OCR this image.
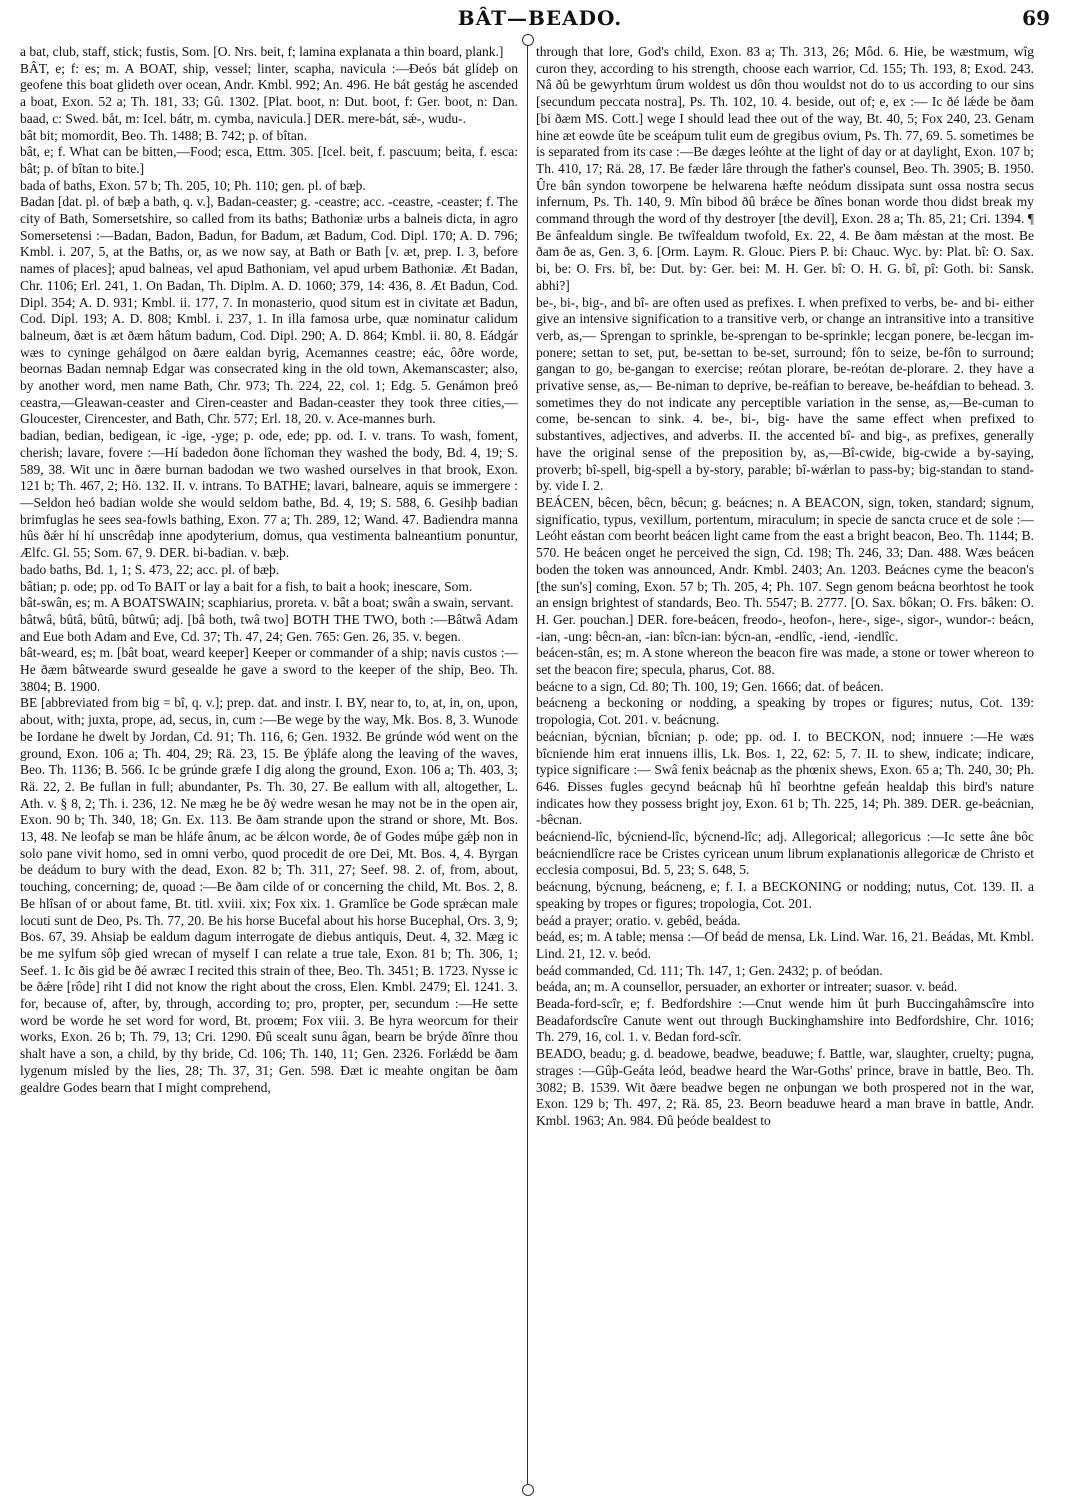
BÂT—BEADO.	69

a bat, club, staff, stick; fustis, Som. [O. Nrs. beit, f; lamina explanata a thin board, plank.]

BÂT, e; f: es; m. A BOAT, ship, vessel; linter, scapha, navicula :—Ðeós bát glídeþ on geofene this boat glideth over ocean, Andr. Kmbl. 992; An. 496. He bát gestág he ascended a boat, Exon. 52 a; Th. 181, 33; Gû. 1302. [Plat. boot, n: Dut. boot, f: Ger. boot, n: Dan. baad, c: Swed. båt, m: Icel. bátr, m. cymba, navicula.] DER. mere-bát, sǽ-, wudu-.

bât bit; momordit, Beo. Th. 1488; B. 742; p. of bîtan.

bât, e; f. What can be bitten,—Food; esca, Ettm. 305. [Icel. beit, f. pascuum; beita, f. esca: bât; p. of bîtan to bite.]

bada of baths, Exon. 57 b; Th. 205, 10; Ph. 110; gen. pl. of bæþ.

Badan [dat. pl. of bæþ a bath, q. v.], Badan-ceaster; g. -ceastre; acc. -ceastre, -ceaster; f. The city of Bath, Somersetshire, so called from its baths; Bathoniæ urbs a balneis dicta, in agro Somersetensi :—Badan, Badon, Badun, for Badum, æt Badum, Cod. Dipl. 170; A. D. 796; Kmbl. i. 207, 5, at the Baths, or, as we now say, at Bath or Bath [v. æt, prep. I. 3, before names of places]; apud balneas, vel apud Bathoniam, vel apud urbem Bathoniæ. Æt Badan, Chr. 1106; Erl. 241, 1. On Badan, Th. Diplm. A. D. 1060; 379, 14: 436, 8. Æt Badun, Cod. Dipl. 354; A. D. 931; Kmbl. ii. 177, 7. In monasterio, quod situm est in civitate æt Badun, Cod. Dipl. 193; A. D. 808; Kmbl. i. 237, 1. In illa famosa urbe, quæ nominatur calidum balneum, ðæt is æt ðæm hâtum badum, Cod. Dipl. 290; A. D. 864; Kmbl. ii. 80, 8. Eádgár wæs to cyninge gehálgod on ðære ealdan byrig, Acemannes ceastre; eác, ôðre worde, beornas Badan nemnaþ Edgar was consecrated king in the old town, Akemanscaster; also, by another word, men name Bath, Chr. 973; Th. 224, 22, col. 1; Edg. 5. Genámon þreó ceastra,—Gleawan-ceaster and Ciren-ceaster and Badan-ceaster they took three cities,—Gloucester, Cirencester, and Bath, Chr. 577; Erl. 18, 20. v. Ace-mannes burh.

badian, bedian, bedigean, ic -ige, -yge; p. ode, ede; pp. od. I. v. trans. To wash, foment, cherish; lavare, fovere :—Hí badedon ðone lîchoman they washed the body, Bd. 4, 19; S. 589, 38. Wit unc in ðære burnan badodan we two washed ourselves in that brook, Exon. 121 b; Th. 467, 2; Hö. 132. II. v. intrans. To BATHE; lavari, balneare, aquis se immergere :—Seldon heó badian wolde she would seldom bathe, Bd. 4, 19; S. 588, 6. Gesihþ badian brimfuglas he sees sea-fowls bathing, Exon. 77 a; Th. 289, 12; Wand. 47. Badiendra manna hûs ðǽr hí hí unscrêdaþ inne apodyterium, domus, qua vestimenta balneantium ponuntur, Ælfc. Gl. 55; Som. 67, 9. DER. bi-badian. v. bæþ.

bado baths, Bd. 1, 1; S. 473, 22; acc. pl. of bæþ.

bâtian; p. ode; pp. od To BAIT or lay a bait for a fish, to bait a hook; inescare, Som.

bât-swân, es; m. A BOATSWAIN; scaphiarius, proreta. v. bât a boat; swân a swain, servant.

bâtwâ, bûtâ, bûtû, bûtwû; adj. [bâ both, twâ two] BOTH THE TWO, both :—Bâtwâ Adam and Eue both Adam and Eve, Cd. 37; Th. 47, 24; Gen. 765: Gen. 26, 35. v. begen.

bât-weard, es; m. [bât boat, weard keeper] Keeper or commander of a ship; navis custos :—He ðæm bâtwearde swurd gesealde he gave a sword to the keeper of the ship, Beo. Th. 3804; B. 1900.

BE [abbreviated from big = bî, q. v.]; prep. dat. and instr. I. BY, near to, to, at, in, on, upon, about, with; juxta, prope, ad, secus, in, cum :—Be wege by the way, Mk. Bos. 8, 3. Wunode be Iordane he dwelt by Jordan, Cd. 91; Th. 116, 6; Gen. 1932. Be grúnde wód went on the ground, Exon. 106 a; Th. 404, 29; Rä. 23, 15. Be ýþláfe along the leaving of the waves, Beo. Th. 1136; B. 566. Ic be grúnde græfe I dig along the ground, Exon. 106 a; Th. 403, 3; Rä. 22, 2. Be fullan in full; abundanter, Ps. Th. 30, 27. Be eallum with all, altogether, L. Ath. v. § 8, 2; Th. i. 236, 12. Ne mæg he be ðý wedre wesan he may not be in the open air, Exon. 90 b; Th. 340, 18; Gn. Ex. 113. Be ðam strande upon the strand or shore, Mt. Bos. 13, 48. Ne leofaþ se man be hláfe ânum, ac be ǽlcon worde, ðe of Godes múþe gǽþ non in solo pane vivit homo, sed in omni verbo, quod procedit de ore Dei, Mt. Bos. 4, 4. Byrgan be deádum to bury with the dead, Exon. 82 b; Th. 311, 27; Seef. 98. 2. of, from, about, touching, concerning; de, quoad :—Be ðam cilde of or concerning the child, Mt. Bos. 2, 8. Be hlîsan of or about fame, Bt. titl. xviii. xix; Fox xix. 1. Gramlîce be Gode sprǽcan male locuti sunt de Deo, Ps. Th. 77, 20. Be his horse Bucefal about his horse Bucephal, Ors. 3, 9; Bos. 67, 39. Ahsiaþ be ealdum dagum interrogate de diebus antiquis, Deut. 4, 32. Mæg ic be me sylfum sôþ gied wrecan of myself I can relate a true tale, Exon. 81 b; Th. 306, 1; Seef. 1. Ic ðis gid be ðé awræc I recited this strain of thee, Beo. Th. 3451; B. 1723. Nysse ic be ðǽre [rôde] riht I did not know the right about the cross, Elen. Kmbl. 2479; El. 1241. 3. for, because of, after, by, through, according to; pro, propter, per, secundum :—He sette word be worde he set word for word, Bt. proœm; Fox viii. 3. Be hyra weorcum for their works, Exon. 26 b; Th. 79, 13; Cri. 1290. Ðû scealt sunu âgan, bearn be brýde ðînre thou shalt have a son, a child, by thy bride, Cd. 106; Th. 140, 11; Gen. 2326. Forlǽdd be ðam lygenum misled by the lies, 28; Th. 37, 31; Gen. 598. Ðæt ic meahte ongitan be ðam gealdre Godes bearn that I might comprehend,

through that lore, God's child, Exon. 83 a; Th. 313, 26; Môd. 6. Hie, be wæstmum, wîg curon they, according to his strength, choose each warrior, Cd. 155; Th. 193, 8; Exod. 243. Nâ ðû be gewyrhtum ûrum woldest us dôn thou wouldst not do to us according to our sins [secundum peccata nostra], Ps. Th. 102, 10. 4. beside, out of; e, ex :— Ic ðé lǽde be ðam [bi ðæm MS. Cott.] wege I should lead thee out of the way, Bt. 40, 5; Fox 240, 23. Genam hine æt eowde ûte be sceápum tulit eum de gregibus ovium, Ps. Th. 77, 69. 5. sometimes be is separated from its case :—Be dæges leóhte at the light of day or at daylight, Exon. 107 b; Th. 410, 17; Rä. 28, 17. Be fæder lâre through the father's counsel, Beo. Th. 3905; B. 1950. Ûre bân syndon toworpene be helwarena hæfte neódum dissipata sunt ossa nostra secus infernum, Ps. Th. 140, 9. Mîn bibod ðû brǽce be ðînes bonan worde thou didst break my command through the word of thy destroyer [the devil], Exon. 28 a; Th. 85, 21; Cri. 1394. ¶ Be ânfealdum single. Be twîfealdum twofold, Ex. 22, 4. Be ðam mǽstan at the most. Be ðam ðe as, Gen. 3, 6. [Orm. Laym. R. Glouc. Piers P. bi: Chauc. Wyc. by: Plat. bî: O. Sax. bi, be: O. Frs. bî, be: Dut. by: Ger. bei: M. H. Ger. bî: O. H. G. bî, pî: Goth. bi: Sansk. abhi?]

be-, bi-, big-, and bî- are often used as prefixes. I. when prefixed to verbs, be- and bi- either give an intensive signification to a transitive verb, or change an intransitive into a transitive verb, as,— Sprengan to sprinkle, be-sprengan to be-sprinkle; lecgan ponere, be-lecgan im-ponere; settan to set, put, be-settan to be-set, surround; fôn to seize, be-fôn to surround; gangan to go, be-gangan to exercise; reótan plorare, be-reótan de-plorare. 2. they have a privative sense, as,— Be-niman to deprive, be-reáfian to bereave, be-heáfdian to behead. 3. sometimes they do not indicate any perceptible variation in the sense, as,—Be-cuman to come, be-sencan to sink. 4. be-, bi-, big- have the same effect when prefixed to substantives, adjectives, and adverbs. II. the accented bî- and big-, as prefixes, generally have the original sense of the preposition by, as,—Bî-cwide, big-cwide a by-saying, proverb; bî-spell, big-spell a by-story, parable; bî-wǽrlan to pass-by; big-standan to stand-by. vide I. 2.

BEÁCEN, bêcen, bêcn, bêcun; g. beácnes; n. A BEACON, sign, token, standard; signum, significatio, typus, vexillum, portentum, miraculum; in specie de sancta cruce et de sole :—Leóht eástan com beorht beácen light came from the east a bright beacon, Beo. Th. 1144; B. 570. He beácen onget he perceived the sign, Cd. 198; Th. 246, 33; Dan. 488. Wæs beácen boden the token was announced, Andr. Kmbl. 2403; An. 1203. Beácnes cyme the beacon's [the sun's] coming, Exon. 57 b; Th. 205, 4; Ph. 107. Segn genom beácna beorhtost he took an ensign brightest of standards, Beo. Th. 5547; B. 2777. [O. Sax. bôkan; O. Frs. bâken: O. H. Ger. pouchan.] DER. fore-beácen, freodo-, heofon-, here-, sige-, sigor-, wundor-: beácn, -ian, -ung: bêcn-an, -ian: bîcn-ian: býcn-an, -endlîc, -iend, -iendlîc.

beácen-stân, es; m. A stone whereon the beacon fire was made, a stone or tower whereon to set the beacon fire; specula, pharus, Cot. 88.

beácne to a sign, Cd. 80; Th. 100, 19; Gen. 1666; dat. of beácen.

beácneng a beckoning or nodding, a speaking by tropes or figures; nutus, Cot. 139: tropologia, Cot. 201. v. beácnung.

beácnian, býcnian, bîcnian; p. ode; pp. od. I. to BECKON, nod; innuere :—He wæs bîcniende him erat innuens illis, Lk. Bos. 1, 22, 62: 5, 7. II. to shew, indicate; indicare, typice significare :— Swâ fenix beácnaþ as the phœnix shews, Exon. 65 a; Th. 240, 30; Ph. 646. Ðisses fugles gecynd beácnaþ hû hî beorhtne gefeán healdaþ this bird's nature indicates how they possess bright joy, Exon. 61 b; Th. 225, 14; Ph. 389. DER. ge-beácnian, -bêcnan.

beácniend-lîc, býcniend-lîc, býcnend-lîc; adj. Allegorical; allegoricus :—Ic sette âne bôc beácniendlîcre race be Cristes cyricean unum librum explanationis allegoricæ de Christo et ecclesia composui, Bd. 5, 23; S. 648, 5.

beácnung, býcnung, beácneng, e; f. I. a BECKONING or nodding; nutus, Cot. 139. II. a speaking by tropes or figures; tropologia, Cot. 201.

beád a prayer; oratio. v. gebêd, beáda.

beád, es; m. A table; mensa :—Of beád de mensa, Lk. Lind. War. 16, 21. Beádas, Mt. Kmbl. Lind. 21, 12. v. beód.

beád commanded, Cd. 111; Th. 147, 1; Gen. 2432; p. of beódan.

beáda, an; m. A counsellor, persuader, an exhorter or intreater; suasor. v. beád.

Beada-ford-scîr, e; f. Bedfordshire :—Cnut wende him ût þurh Buccingahâmscîre into Beadafordscîre Canute went out through Buckinghamshire into Bedfordshire, Chr. 1016; Th. 279, 16, col. 1. v. Bedan ford-scîr.

BEADO, beadu; g. d. beadowe, beadwe, beaduwe; f. Battle, war, slaughter, cruelty; pugna, strages :—Gûþ-Geáta leód, beadwe heard the War-Goths' prince, brave in battle, Beo. Th. 3082; B. 1539. Wit ðære beadwe begen ne onþungan we both prospered not in the war, Exon. 129 b; Th. 497, 2; Rä. 85, 23. Beorn beaduwe heard a man brave in battle, Andr. Kmbl. 1963; An. 984. Ðû þeóde bealdest to
